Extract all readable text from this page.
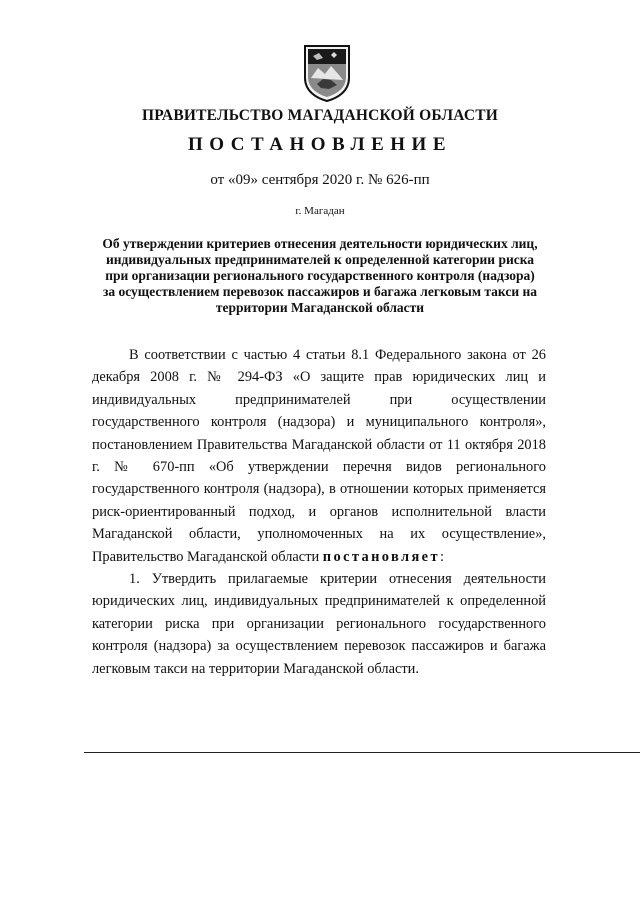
ПРАВИТЕЛЬСТВО МАГАДАНСКОЙ ОБЛАСТИ
ПОСТАНОВЛЕНИЕ
от «09» сентября 2020 г. № 626-пп
г. Магадан
Об утверждении критериев отнесения деятельности юридических лиц, индивидуальных предпринимателей к определенной категории риска при организации регионального государственного контроля (надзора) за осуществлением перевозок пассажиров и багажа легковым такси на территории Магаданской области

В соответствии с частью 4 статьи 8.1 Федерального закона от 26 декабря 2008 г. № 294-ФЗ «О защите прав юридических лиц и индивидуальных предпринимателей при осуществлении государственного контроля (надзора) и муниципального контроля», постановлением Правительства Магаданской области от 11 октября 2018 г. № 670-пп «Об утверждении перечня видов регионального государственного контроля (надзора), в отношении которых применяется риск-ориентированный подход, и органов исполнительной власти Магаданской области, уполномоченных на их осуществление», Правительство Магаданской области постановляет:

1. Утвердить прилагаемые критерии отнесения деятельности юридических лиц, индивидуальных предпринимателей к определенной категории риска при организации регионального государственного контроля (надзора) за осуществлением перевозок пассажиров и багажа легковым такси на территории Магаданской области.
